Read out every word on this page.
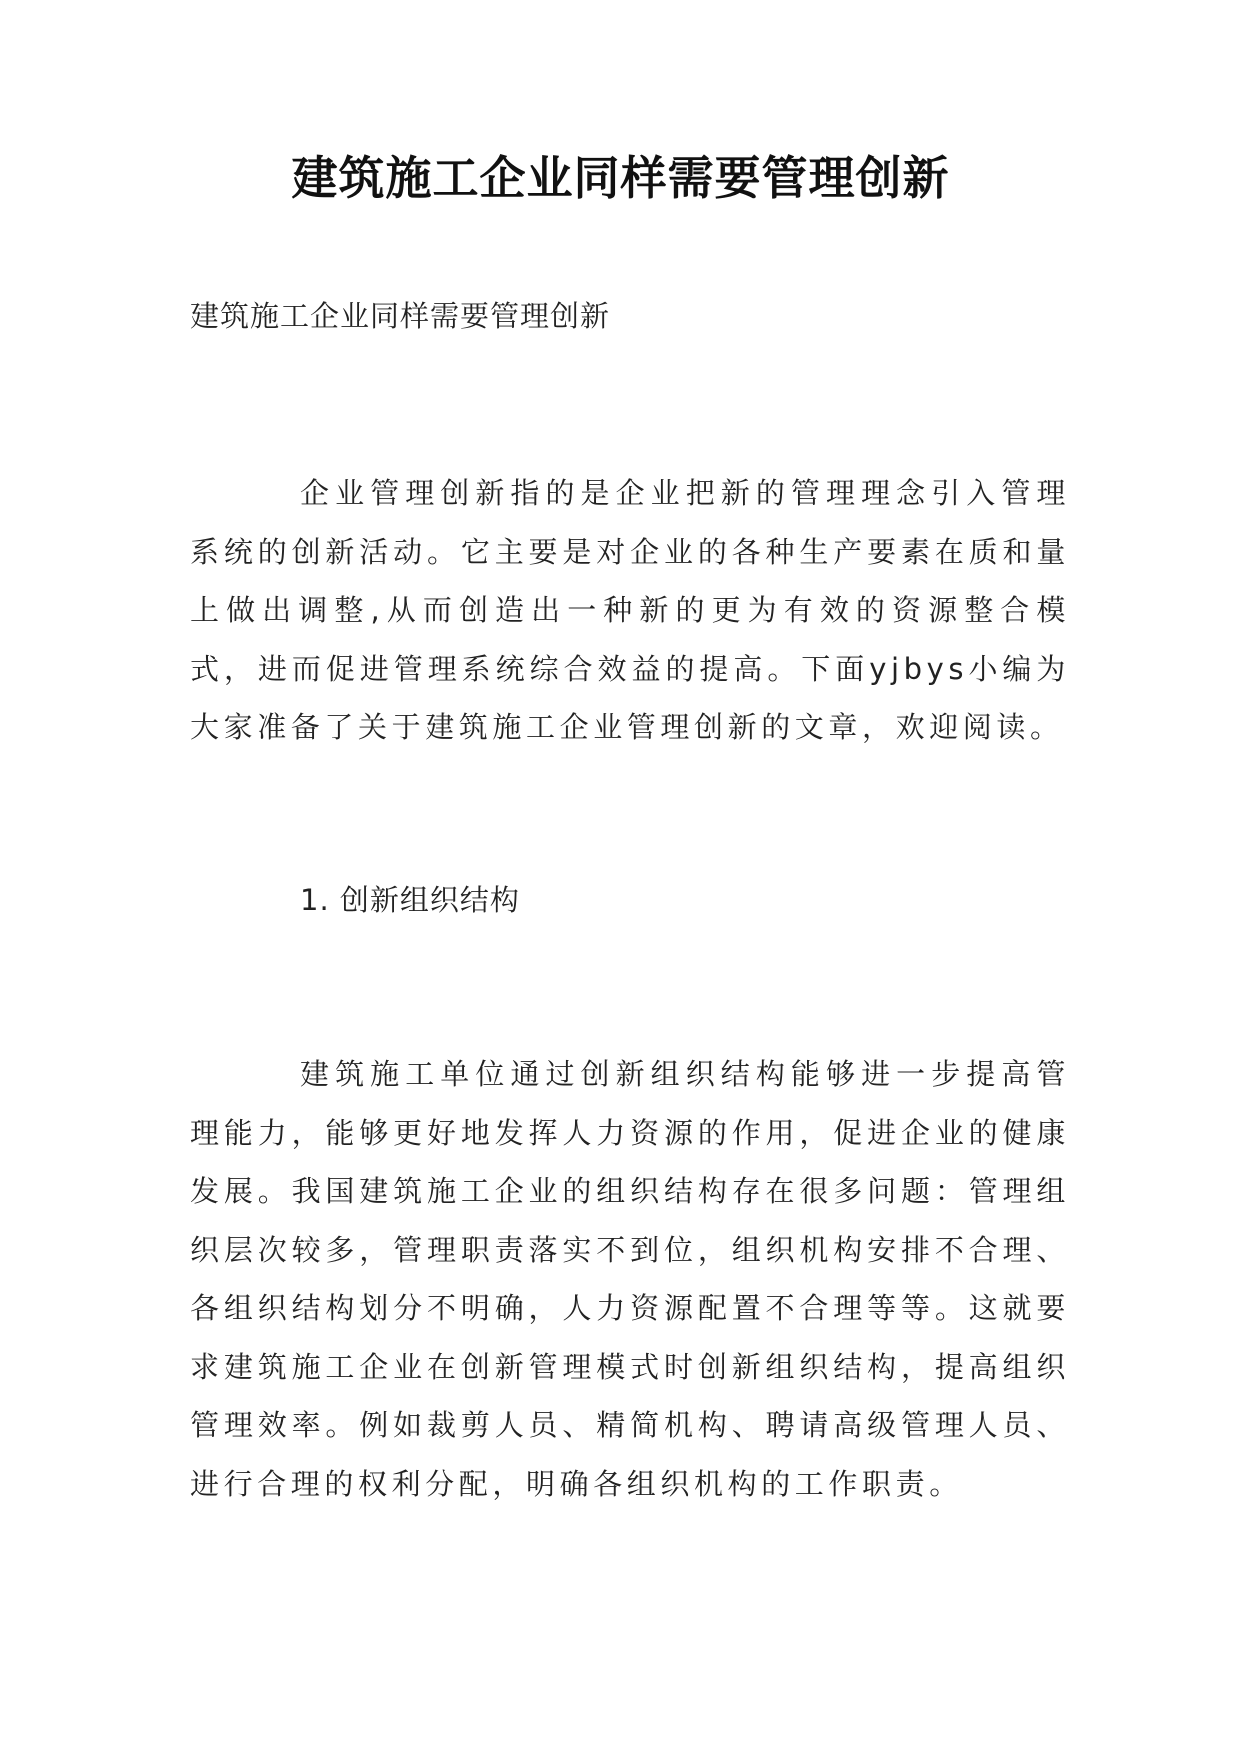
建筑施工企业同样需要管理创新

建筑施工企业同样需要管理创新

企业管理创新指的是企业把新的管理理念引入管理系统的创新活动。它主要是对企业的各种生产要素在质和量上做出调整,从而创造出一种新的更为有效的资源整合模式，进而促进管理系统综合效益的提高。下面yjbys小编为大家准备了关于建筑施工企业管理创新的文章，欢迎阅读。

1. 创新组织结构

建筑施工单位通过创新组织结构能够进一步提高管理能力，能够更好地发挥人力资源的作用，促进企业的健康发展。我国建筑施工企业的组织结构存在很多问题：管理组织层次较多，管理职责落实不到位，组织机构安排不合理、各组织结构划分不明确，人力资源配置不合理等等。这就要求建筑施工企业在创新管理模式时创新组织结构，提高组织管理效率。例如裁剪人员、精简机构、聘请高级管理人员、进行合理的权利分配，明确各组织机构的工作职责。
